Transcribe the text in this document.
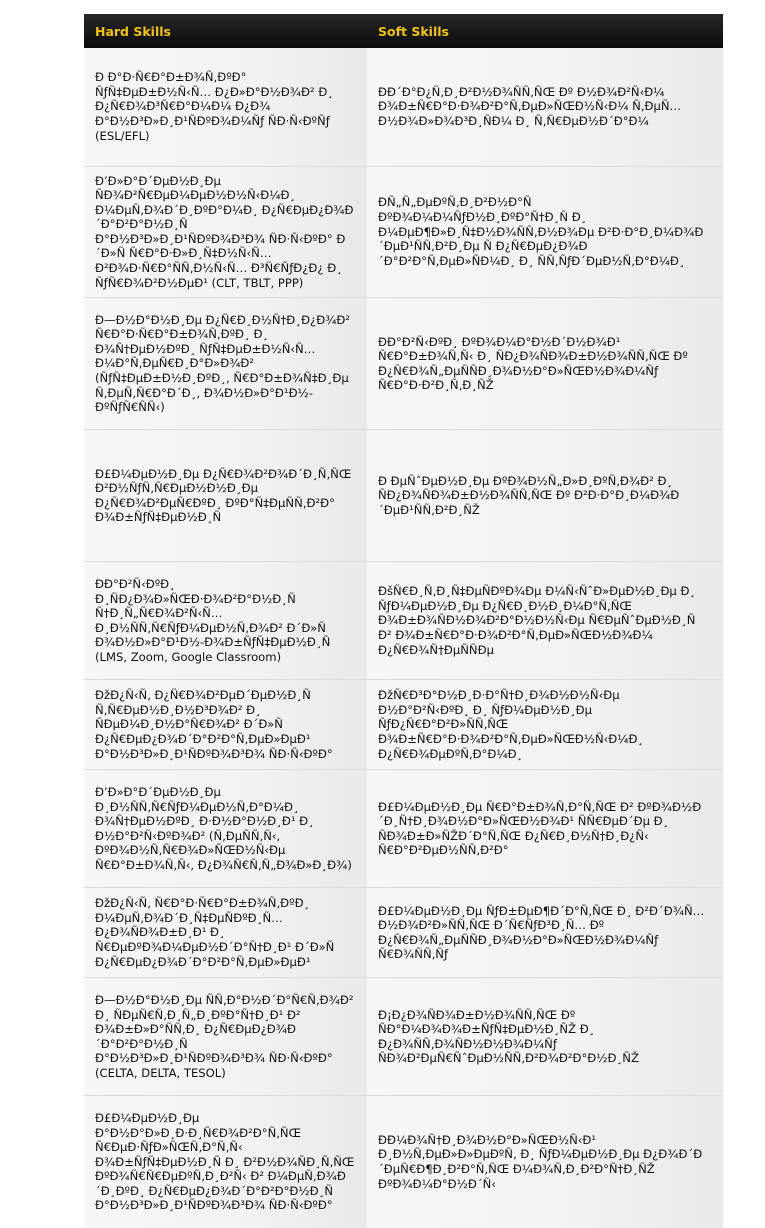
Hard Skills	Soft Skills
Ð Ð°Ð·Ñ€Ð°Ð±Ð¾Ñ‚ÐºÐ° ÑƒÑ‡ÐµÐ±Ð½Ñ‹Ñ… Ð¿Ð»Ð°Ð½Ð¾Ð² Ð¸ Ð¿Ñ€Ð¾Ð³Ñ€Ð°Ð¼Ð¼ Ð¿Ð¾ Ð°Ð½Ð³Ð»Ð¸Ð¹ÑÐºÐ¾Ð¼Ñƒ ÑÐ·Ñ‹ÐºÑƒ (ESL/EFL)	ÐÐ´Ð°Ð¿Ñ‚Ð¸Ð²Ð½Ð¾ÑÑ‚ÑŒ Ðº Ð½Ð¾Ð²Ñ‹Ð¼ Ð¾Ð±Ñ€Ð°Ð·Ð¾Ð²Ð°Ñ‚ÐµÐ»ÑŒÐ½Ñ‹Ð¼ Ñ‚ÐµÑ…Ð½Ð¾Ð»Ð¾Ð³Ð¸ÑÐ¼ Ð¸ Ñ‚Ñ€ÐµÐ½Ð´Ð°Ð¼
Ð’Ð»Ð°Ð´ÐµÐ½Ð¸Ðµ ÑÐ¾Ð²Ñ€ÐµÐ¼ÐµÐ½Ð½Ñ‹Ð¼Ð¸ Ð¼ÐµÑ‚Ð¾Ð´Ð¸ÐºÐ°Ð¼Ð¸ Ð¿Ñ€ÐµÐ¿Ð¾Ð´Ð°Ð²Ð°Ð½Ð¸Ñ Ð°Ð½Ð³Ð»Ð¸Ð¹ÑÐºÐ¾Ð³Ð¾ ÑÐ·Ñ‹ÐºÐ° Ð´Ð»Ñ Ñ€Ð°Ð·Ð»Ð¸Ñ‡Ð½Ñ‹Ñ… Ð²Ð¾Ð·Ñ€Ð°ÑÑ‚Ð½Ñ‹Ñ… Ð³Ñ€ÑƒÐ¿Ð¿ Ð¸ ÑƒÑ€Ð¾Ð²Ð½ÐµÐ¹ (CLT, TBLT, PPP)	ÐÑ„Ñ„ÐµÐºÑ‚Ð¸Ð²Ð½Ð°Ñ ÐºÐ¾Ð¼Ð¼ÑƒÐ½Ð¸ÐºÐ°Ñ†Ð¸Ñ Ð¸ Ð¼ÐµÐ¶Ð»Ð¸Ñ‡Ð½Ð¾ÑÑ‚Ð½Ð¾Ðµ Ð²Ð·Ð°Ð¸Ð¼Ð¾Ð´ÐµÐ¹ÑÑ‚Ð²Ð¸Ðµ Ñ Ð¿Ñ€ÐµÐ¿Ð¾Ð´Ð°Ð²Ð°Ñ‚ÐµÐ»ÑÐ¼Ð¸ Ð¸ ÑÑ‚ÑƒÐ´ÐµÐ½Ñ‚Ð°Ð¼Ð¸
Ð—Ð½Ð°Ð½Ð¸Ðµ Ð¿Ñ€Ð¸Ð½Ñ†Ð¸Ð¿Ð¾Ð² Ñ€Ð°Ð·Ñ€Ð°Ð±Ð¾Ñ‚ÐºÐ¸ Ð¸ Ð¾Ñ†ÐµÐ½ÐºÐ¸ ÑƒÑ‡ÐµÐ±Ð½Ñ‹Ñ… Ð¼Ð°Ñ‚ÐµÑ€Ð¸Ð°Ð»Ð¾Ð² (ÑƒÑ‡ÐµÐ±Ð½Ð¸ÐºÐ¸, Ñ€Ð°Ð±Ð¾Ñ‡Ð¸Ðµ Ñ‚ÐµÑ‚Ñ€Ð°Ð´Ð¸, Ð¾Ð½Ð»Ð°Ð¹Ð½-ÐºÑƒÑ€ÑÑ‹)	ÐÐ°Ð²Ñ‹ÐºÐ¸ ÐºÐ¾Ð¼Ð°Ð½Ð´Ð½Ð¾Ð¹ Ñ€Ð°Ð±Ð¾Ñ‚Ñ‹ Ð¸ ÑÐ¿Ð¾ÑÐ¾Ð±Ð½Ð¾ÑÑ‚ÑŒ Ðº Ð¿Ñ€Ð¾Ñ„ÐµÑÑÐ¸Ð¾Ð½Ð°Ð»ÑŒÐ½Ð¾Ð¼Ñƒ Ñ€Ð°Ð·Ð²Ð¸Ñ‚Ð¸ÑŽ
Ð£Ð¼ÐµÐ½Ð¸Ðµ Ð¿Ñ€Ð¾Ð²Ð¾Ð´Ð¸Ñ‚ÑŒ Ð²Ð½ÑƒÑ‚Ñ€ÐµÐ½Ð½Ð¸Ðµ Ð¿Ñ€Ð¾Ð²ÐµÑ€ÐºÐ¸ ÐºÐ°Ñ‡ÐµÑÑ‚Ð²Ð° Ð¾Ð±ÑƒÑ‡ÐµÐ½Ð¸Ñ	Ð ÐµÑˆÐµÐ½Ð¸Ðµ ÐºÐ¾Ð½Ñ„Ð»Ð¸ÐºÑ‚Ð¾Ð² Ð¸ ÑÐ¿Ð¾ÑÐ¾Ð±Ð½Ð¾ÑÑ‚ÑŒ Ðº Ð²Ð·Ð°Ð¸Ð¼Ð¾Ð´ÐµÐ¹ÑÑ‚Ð²Ð¸ÑŽ
ÐÐ°Ð²Ñ‹ÐºÐ¸ Ð¸ÑÐ¿Ð¾Ð»ÑŒÐ·Ð¾Ð²Ð°Ð½Ð¸Ñ Ñ†Ð¸Ñ„Ñ€Ð¾Ð²Ñ‹Ñ… Ð¸Ð½ÑÑ‚Ñ€ÑƒÐ¼ÐµÐ½Ñ‚Ð¾Ð² Ð´Ð»Ñ Ð¾Ð½Ð»Ð°Ð¹Ð½-Ð¾Ð±ÑƒÑ‡ÐµÐ½Ð¸Ñ (LMS, Zoom, Google Classroom)	ÐšÑ€Ð¸Ñ‚Ð¸Ñ‡ÐµÑÐºÐ¾Ðµ Ð¼Ñ‹ÑˆÐ»ÐµÐ½Ð¸Ðµ Ð¸ ÑƒÐ¼ÐµÐ½Ð¸Ðµ Ð¿Ñ€Ð¸Ð½Ð¸Ð¼Ð°Ñ‚ÑŒ Ð¾Ð±Ð¾ÑÐ½Ð¾Ð²Ð°Ð½Ð½Ñ‹Ðµ Ñ€ÐµÑˆÐµÐ½Ð¸Ñ Ð² Ð¾Ð±Ñ€Ð°Ð·Ð¾Ð²Ð°Ñ‚ÐµÐ»ÑŒÐ½Ð¾Ð¼ Ð¿Ñ€Ð¾Ñ†ÐµÑÑÐµ
ÐžÐ¿Ñ‹Ñ‚ Ð¿Ñ€Ð¾Ð²ÐµÐ´ÐµÐ½Ð¸Ñ Ñ‚Ñ€ÐµÐ½Ð¸Ð½Ð³Ð¾Ð² Ð¸ ÑÐµÐ¼Ð¸Ð½Ð°Ñ€Ð¾Ð² Ð´Ð»Ñ Ð¿Ñ€ÐµÐ¿Ð¾Ð´Ð°Ð²Ð°Ñ‚ÐµÐ»ÐµÐ¹ Ð°Ð½Ð³Ð»Ð¸Ð¹ÑÐºÐ¾Ð³Ð¾ ÑÐ·Ñ‹ÐºÐ°	ÐžÑ€Ð³Ð°Ð½Ð¸Ð·Ð°Ñ†Ð¸Ð¾Ð½Ð½Ñ‹Ðµ Ð½Ð°Ð²Ñ‹ÐºÐ¸ Ð¸ ÑƒÐ¼ÐµÐ½Ð¸Ðµ ÑƒÐ¿Ñ€Ð°Ð²Ð»ÑÑ‚ÑŒ Ð¾Ð±Ñ€Ð°Ð·Ð¾Ð²Ð°Ñ‚ÐµÐ»ÑŒÐ½Ñ‹Ð¼Ð¸ Ð¿Ñ€Ð¾ÐµÐºÑ‚Ð°Ð¼Ð¸
Ð’Ð»Ð°Ð´ÐµÐ½Ð¸Ðµ Ð¸Ð½ÑÑ‚Ñ€ÑƒÐ¼ÐµÐ½Ñ‚Ð°Ð¼Ð¸ Ð¾Ñ†ÐµÐ½ÐºÐ¸ Ð·Ð½Ð°Ð½Ð¸Ð¹ Ð¸ Ð½Ð°Ð²Ñ‹ÐºÐ¾Ð² (Ñ‚ÐµÑÑ‚Ñ‹, ÐºÐ¾Ð½Ñ‚Ñ€Ð¾Ð»ÑŒÐ½Ñ‹Ðµ Ñ€Ð°Ð±Ð¾Ñ‚Ñ‹, Ð¿Ð¾Ñ€Ñ‚Ñ„Ð¾Ð»Ð¸Ð¾)	Ð£Ð¼ÐµÐ½Ð¸Ðµ Ñ€Ð°Ð±Ð¾Ñ‚Ð°Ñ‚ÑŒ Ð² ÐºÐ¾Ð½Ð´Ð¸Ñ†Ð¸Ð¾Ð½Ð°Ð»ÑŒÐ½Ð¾Ð¹ ÑÑ€ÐµÐ´Ðµ Ð¸ ÑÐ¾Ð±Ð»ÑŽÐ´Ð°Ñ‚ÑŒ Ð¿Ñ€Ð¸Ð½Ñ†Ð¸Ð¿Ñ‹ Ñ€Ð°Ð²ÐµÐ½ÑÑ‚Ð²Ð°
ÐžÐ¿Ñ‹Ñ‚ Ñ€Ð°Ð·Ñ€Ð°Ð±Ð¾Ñ‚ÐºÐ¸ Ð¼ÐµÑ‚Ð¾Ð´Ð¸Ñ‡ÐµÑÐºÐ¸Ñ… Ð¿Ð¾ÑÐ¾Ð±Ð¸Ð¹ Ð¸ Ñ€ÐµÐºÐ¾Ð¼ÐµÐ½Ð´Ð°Ñ†Ð¸Ð¹ Ð´Ð»Ñ Ð¿Ñ€ÐµÐ¿Ð¾Ð´Ð°Ð²Ð°Ñ‚ÐµÐ»ÐµÐ¹	Ð£Ð¼ÐµÐ½Ð¸Ðµ ÑƒÐ±ÐµÐ¶Ð´Ð°Ñ‚ÑŒ Ð¸ Ð²Ð´Ð¾Ñ…Ð½Ð¾Ð²Ð»ÑÑ‚ÑŒ Ð´Ñ€ÑƒÐ³Ð¸Ñ… Ðº Ð¿Ñ€Ð¾Ñ„ÐµÑÑÐ¸Ð¾Ð½Ð°Ð»ÑŒÐ½Ð¾Ð¼Ñƒ Ñ€Ð¾ÑÑ‚Ñƒ
Ð—Ð½Ð°Ð½Ð¸Ðµ ÑÑ‚Ð°Ð½Ð´Ð°Ñ€Ñ‚Ð¾Ð² Ð¸ ÑÐµÑ€Ñ‚Ð¸Ñ„Ð¸ÐºÐ°Ñ†Ð¸Ð¹ Ð² Ð¾Ð±Ð»Ð°ÑÑ‚Ð¸ Ð¿Ñ€ÐµÐ¿Ð¾Ð´Ð°Ð²Ð°Ð½Ð¸Ñ Ð°Ð½Ð³Ð»Ð¸Ð¹ÑÐºÐ¾Ð³Ð¾ ÑÐ·Ñ‹ÐºÐ° (CELTA, DELTA, TESOL)	Ð¡Ð¿Ð¾ÑÐ¾Ð±Ð½Ð¾ÑÑ‚ÑŒ Ðº ÑÐ°Ð¼Ð¾Ð¾Ð±ÑƒÑ‡ÐµÐ½Ð¸ÑŽ Ð¸ Ð¿Ð¾ÑÑ‚Ð¾ÑÐ½Ð½Ð¾Ð¼Ñƒ ÑÐ¾Ð²ÐµÑ€ÑˆÐµÐ½ÑÑ‚Ð²Ð¾Ð²Ð°Ð½Ð¸ÑŽ
Ð£Ð¼ÐµÐ½Ð¸Ðµ Ð°Ð½Ð°Ð»Ð¸Ð·Ð¸Ñ€Ð¾Ð²Ð°Ñ‚ÑŒ Ñ€ÐµÐ·ÑƒÐ»ÑŒÑ‚Ð°Ñ‚Ñ‹ Ð¾Ð±ÑƒÑ‡ÐµÐ½Ð¸Ñ Ð¸ Ð²Ð½Ð¾ÑÐ¸Ñ‚ÑŒ ÐºÐ¾Ñ€Ñ€ÐµÐºÑ‚Ð¸Ð²Ñ‹ Ð² Ð¼ÐµÑ‚Ð¾Ð´Ð¸ÐºÐ¸ Ð¿Ñ€ÐµÐ¿Ð¾Ð´Ð°Ð²Ð°Ð½Ð¸Ñ Ð°Ð½Ð³Ð»Ð¸Ð¹ÑÐºÐ¾Ð³Ð¾ ÑÐ·Ñ‹ÐºÐ°	ÐÐ¼Ð¾Ñ†Ð¸Ð¾Ð½Ð°Ð»ÑŒÐ½Ñ‹Ð¹ Ð¸Ð½Ñ‚ÐµÐ»Ð»ÐµÐºÑ‚ Ð¸ ÑƒÐ¼ÐµÐ½Ð¸Ðµ Ð¿Ð¾Ð´Ð´ÐµÑ€Ð¶Ð¸Ð²Ð°Ñ‚ÑŒ Ð¼Ð¾Ñ‚Ð¸Ð²Ð°Ñ†Ð¸ÑŽ ÐºÐ¾Ð¼Ð°Ð½Ð´Ñ‹
